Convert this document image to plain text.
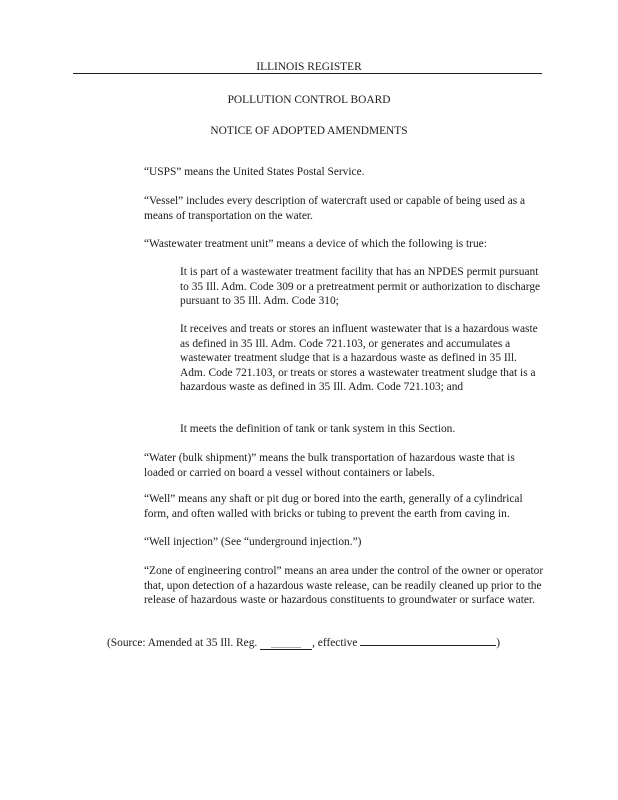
ILLINOIS REGISTER
POLLUTION CONTROL BOARD
NOTICE OF ADOPTED AMENDMENTS
“USPS” means the United States Postal Service.
“Vessel” includes every description of watercraft used or capable of being used as a means of transportation on the water.
“Wastewater treatment unit” means a device of which the following is true:
It is part of a wastewater treatment facility that has an NPDES permit pursuant to 35 Ill. Adm. Code 309 or a pretreatment permit or authorization to discharge pursuant to 35 Ill. Adm. Code 310;
It receives and treats or stores an influent wastewater that is a hazardous waste as defined in 35 Ill. Adm. Code 721.103, or generates and accumulates a wastewater treatment sludge that is a hazardous waste as defined in 35 Ill. Adm. Code 721.103, or treats or stores a wastewater treatment sludge that is a hazardous waste as defined in 35 Ill. Adm. Code 721.103; and
It meets the definition of tank or tank system in this Section.
“Water (bulk shipment)” means the bulk transportation of hazardous waste that is loaded or carried on board a vessel without containers or labels.
“Well” means any shaft or pit dug or bored into the earth, generally of a cylindrical form, and often walled with bricks or tubing to prevent the earth from caving in.
“Well injection” (See “underground injection.”)
“Zone of engineering control” means an area under the control of the owner or operator that, upon detection of a hazardous waste release, can be readily cleaned up prior to the release of hazardous waste or hazardous constituents to groundwater or surface water.
(Source: Amended at 35 Ill. Reg. ______ , effective	)
